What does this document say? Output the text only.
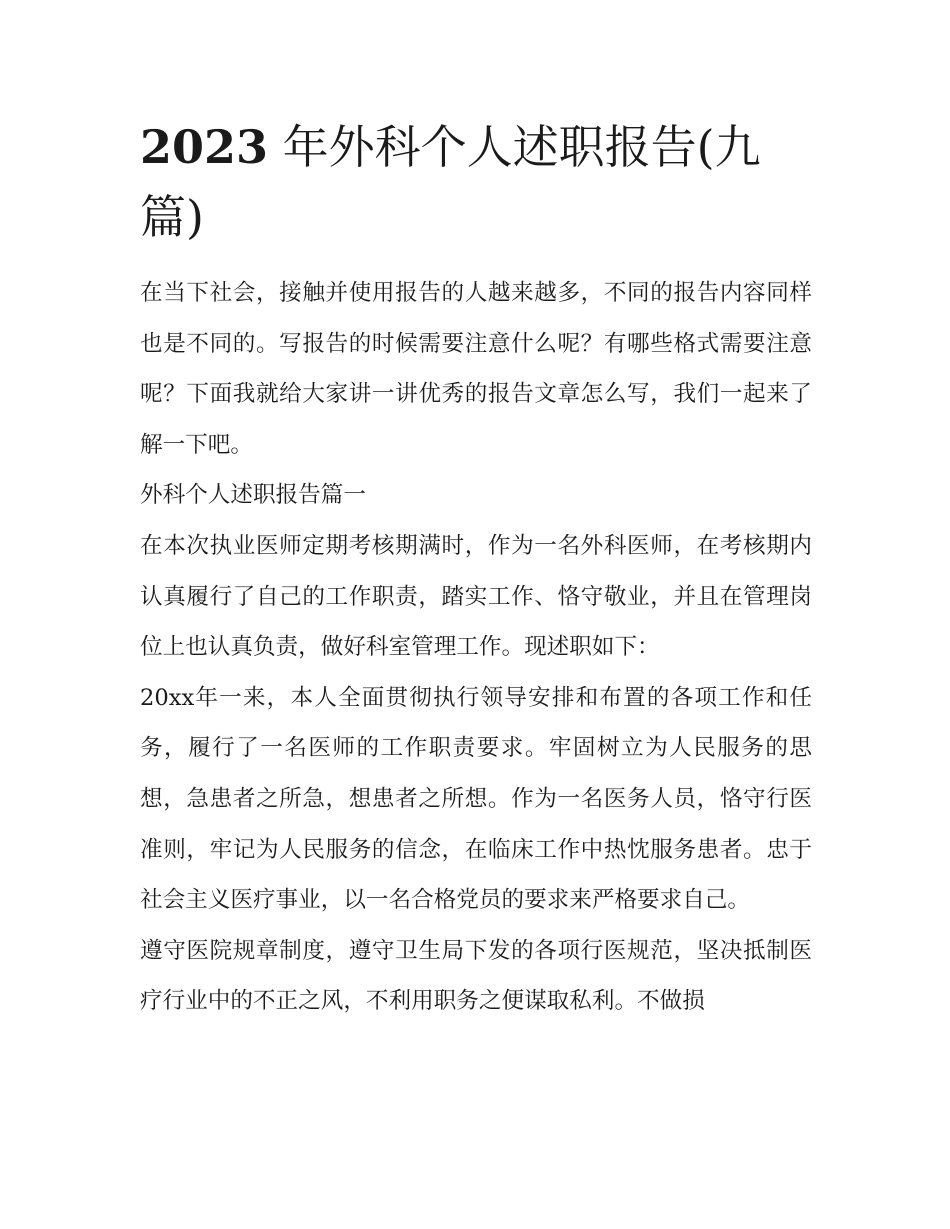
2023 年外科个人述职报告(九篇)

在当下社会，接触并使用报告的人越来越多，不同的报告内容同样也是不同的。写报告的时候需要注意什么呢？有哪些格式需要注意呢？下面我就给大家讲一讲优秀的报告文章怎么写，我们一起来了解一下吧。

外科个人述职报告篇一

在本次执业医师定期考核期满时，作为一名外科医师，在考核期内认真履行了自己的工作职责，踏实工作、恪守敬业，并且在管理岗位上也认真负责，做好科室管理工作。现述职如下：

20xx年一来，本人全面贯彻执行领导安排和布置的各项工作和任务，履行了一名医师的工作职责要求。牢固树立为人民服务的思想，急患者之所急，想患者之所想。作为一名医务人员，恪守行医准则，牢记为人民服务的信念，在临床工作中热忱服务患者。忠于社会主义医疗事业，以一名合格党员的要求来严格要求自己。

遵守医院规章制度，遵守卫生局下发的各项行医规范，坚决抵制医疗行业中的不正之风，不利用职务之便谋取私利。不做损
